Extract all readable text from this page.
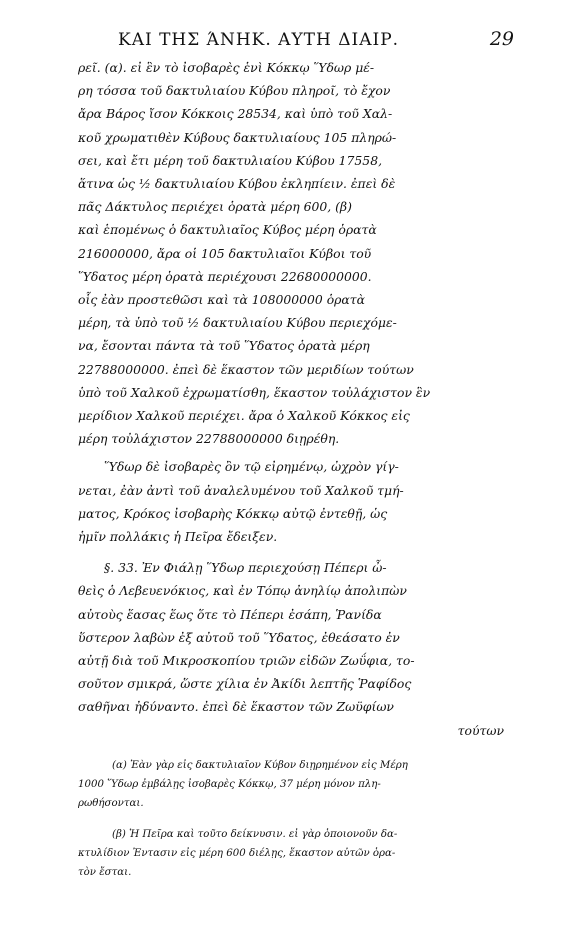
ΚΑΙ ΤΗΣ ΆΝΗΚ. ΑΥΤΗ ΔΙΑΙΡ.	29
ρεῖ. (α). εἰ ἓν τὸ ἰσοβαρὲς ἑνὶ Κόκκῳ Ὕδωρ μέ-
ρη τόσσα τοῦ δακτυλιαίου Κύβου πληροῖ, τὸ ἔχον
ἄρα Βάρος ἴσον Κόκκοις 28534, καὶ ὑπὸ τοῦ Χαλ-
κοῦ χρωματιθὲν Κύβους δακτυλιαίους 105 πληρώ-
σει, καὶ ἔτι μέρη τοῦ δακτυλιαίου Κύβου 17558,
ἅτινα ὡς ½ δακτυλιαίου Κύβου ἐκληπίειν. ἐπεὶ δὲ
πᾶς Δάκτυλος περιέχει ὁρατὰ μέρη 600, (β)
καὶ ἑπομένως ὁ δακτυλιαῖος Κύβος μέρη ὁρατὰ
216000000, ἄρα οἱ 105 δακτυλιαῖοι Κύβοι τοῦ
Ὕδατος μέρη ὁρατὰ περιέχουσι 22680000000.
οἷς ἐὰν προστεθῶσι καὶ τὰ 108000000 ὁρατὰ
μέρη, τὰ ὑπὸ τοῦ ½ δακτυλιαίου Κύβου περιεχόμε-
να, ἔσονται πάντα τὰ τοῦ Ὕδατος ὁρατὰ μέρη
22788000000. ἐπεὶ δὲ ἕκαστον τῶν μεριδίων τούτων
ὑπὸ τοῦ Χαλκοῦ ἐχρωματίσθη, ἕκαστον τοὐλάχιστον ἓν
μερίδιον Χαλκοῦ περιέχει. ἄρα ὁ Χαλκοῦ Κόκκος εἰς
μέρη τοὐλάχιστον 22788000000 διῃρέθη.
Ὕδωρ δὲ ἰσοβαρὲς ὂν τῷ εἰρημένῳ, ὠχρὸν γίγ-
νεται, ἐὰν ἀντὶ τοῦ ἀναλελυμένου τοῦ Χαλκοῦ τμή-
ματος, Κρόκος ἰσοβαρὴς Κόκκῳ αὐτῷ ἐντεθῇ, ὡς
ἡμῖν πολλάκις ἡ Πεῖρα ἔδειξεν.
§. 33. Ἐν Φιάλῃ Ὕδωρ περιεχούσῃ Πέπερι ὦ-
θεὶς ὁ Λεβευενόκιος, καὶ ἐν Τόπῳ ἀνηλίῳ ἀπολιπὼν
αὐτοὺς ἕασας ἕως ὅτε τὸ Πέπερι ἐσάπη, Ῥανίδα
ὕστερον λαβὼν ἐξ αὐτοῦ τοῦ Ὕδατος, ἐθεάσατο ἐν
αὐτῇ διὰ τοῦ Μικροσκοπίου τριῶν εἰδῶν Ζωΰφια, το-
σοῦτον σμικρά, ὥστε χίλια ἐν Ἀκίδι λεπτῆς Ῥαφίδος
σαθῆναι ἠδύναντο. ἐπεὶ δὲ ἕκαστον τῶν Ζωϋφίων
τούτων
(α) Ἐὰν γὰρ εἰς δακτυλιαῖον Κύβον διῃρημένον εἰς Μέρη
1000 Ὕδωρ ἐμβάλῃς ἰσοβαρὲς Κόκκῳ, 37 μέρη μόνον πλη-
ρωθήσονται.
(β) Ἡ Πεῖρα καὶ τοῦτο δείκνυσιν. εἰ γὰρ ὁποιονοῦν δα-
κτυλίδιον Ἐντασιν εἰς μέρη 600 διέλῃς, ἕκαστον αὐτῶν ὁρα-
τὸν ἔσται.
